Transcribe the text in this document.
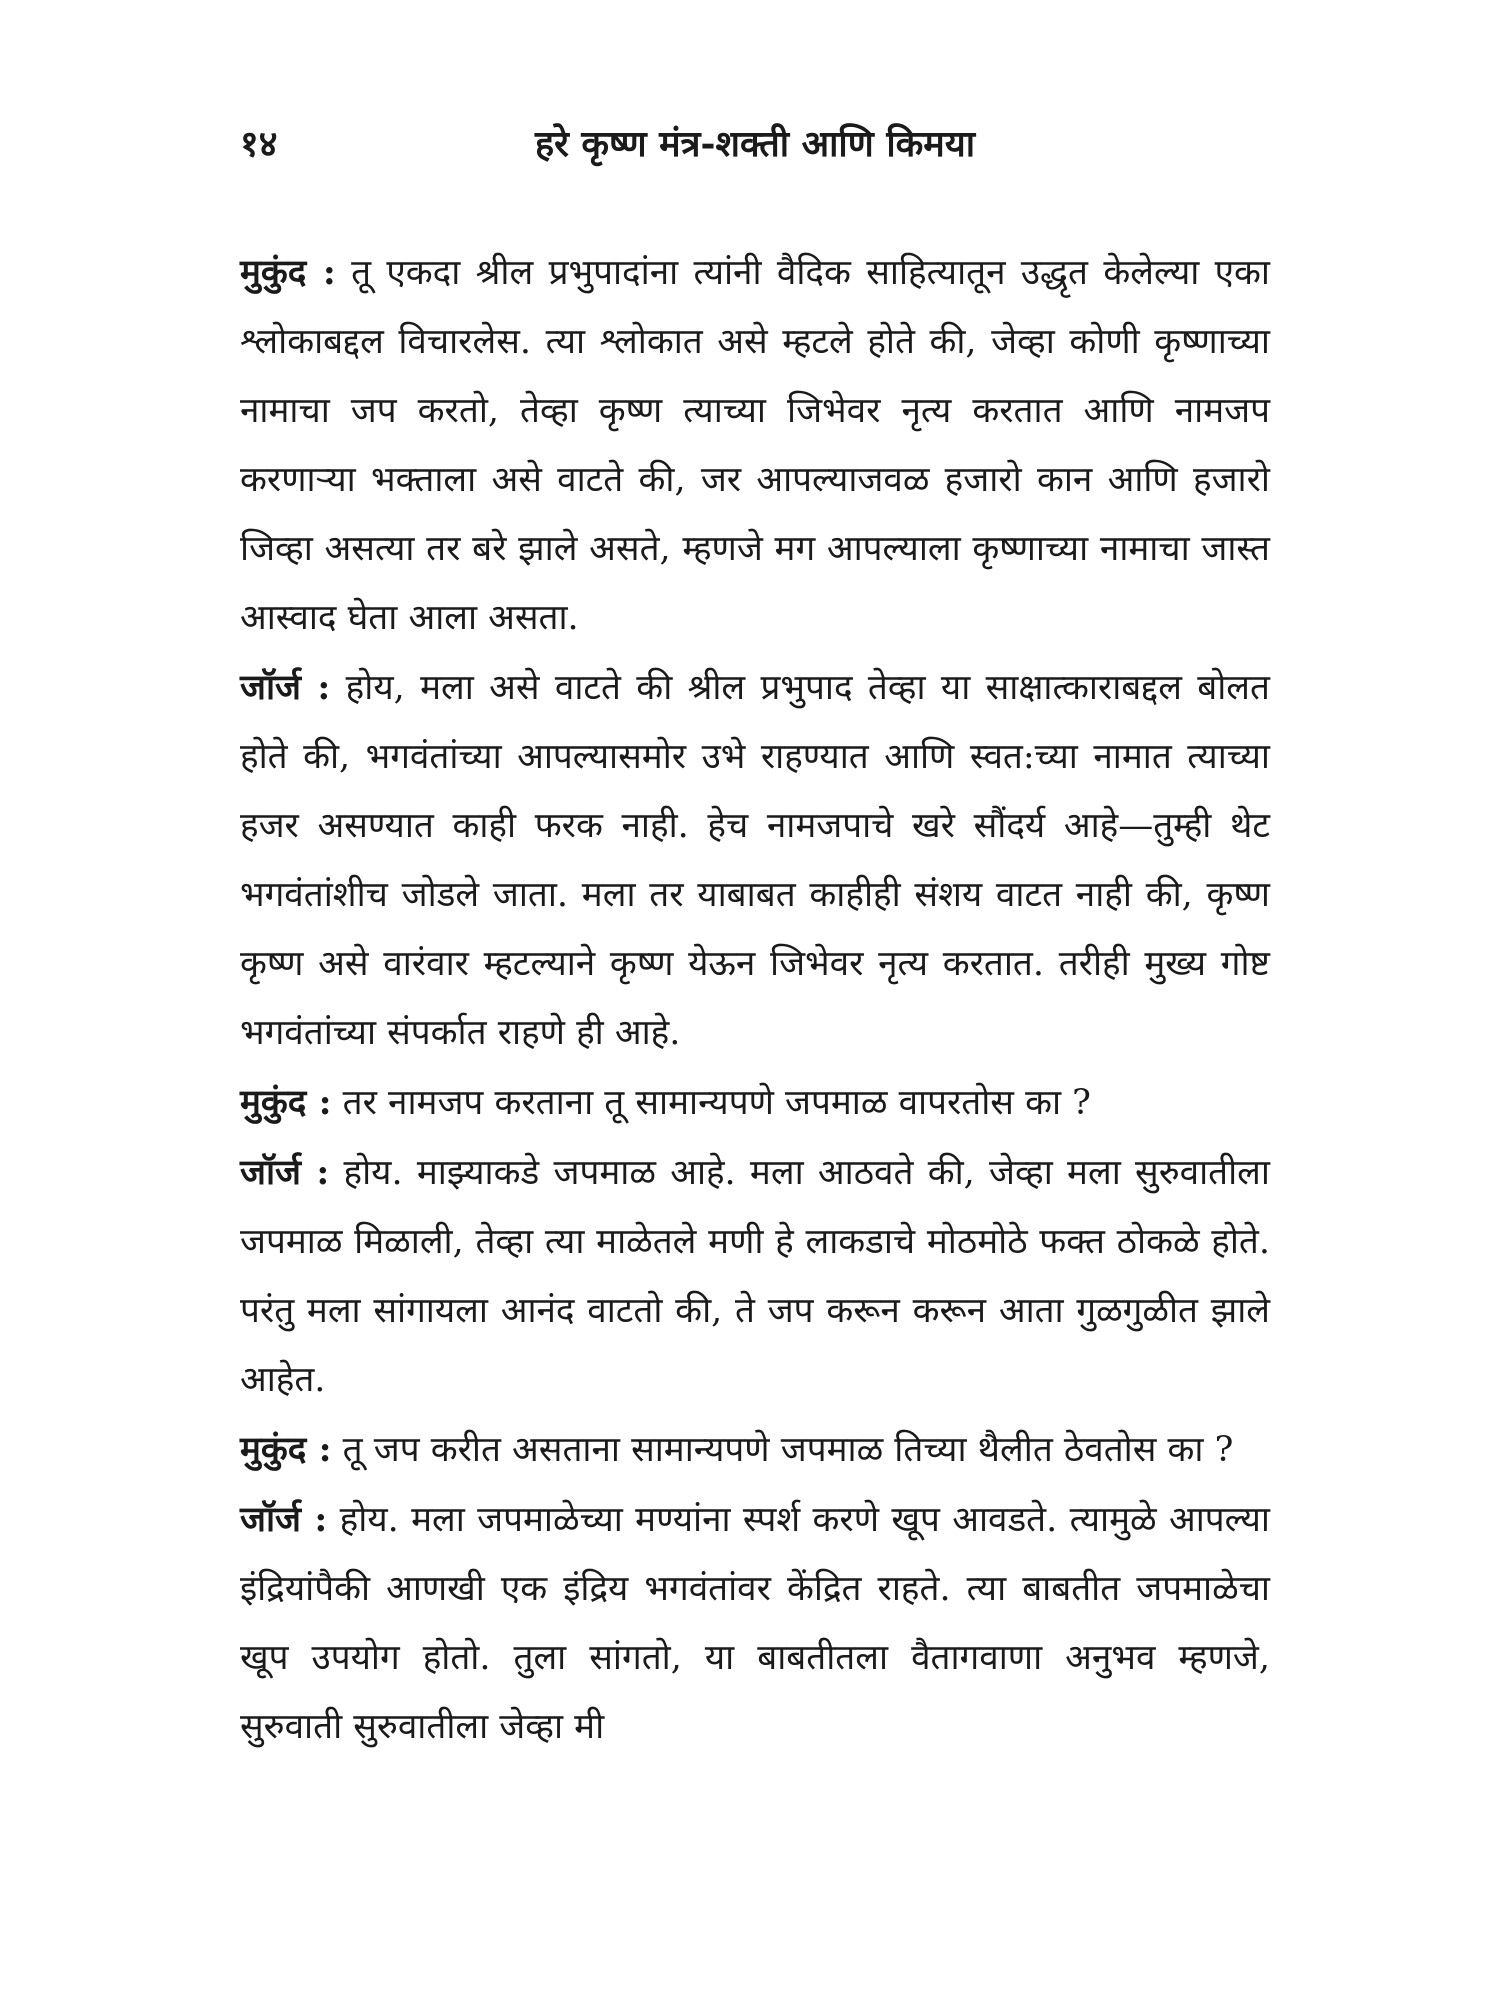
१४	हरे कृष्ण मंत्र-शक्ती आणि किमया

मुकुंद : तू एकदा श्रील प्रभुपादांना त्यांनी वैदिक साहित्यातून उद्धृत केलेल्या एका श्लोकाबद्दल विचारलेस. त्या श्लोकात असे म्हटले होते की, जेव्हा कोणी कृष्णाच्या नामाचा जप करतो, तेव्हा कृष्ण त्याच्या जिभेवर नृत्य करतात आणि नामजप करणाऱ्या भक्ताला असे वाटते की, जर आपल्याजवळ हजारो कान आणि हजारो जिव्हा असत्या तर बरे झाले असते, म्हणजे मग आपल्याला कृष्णाच्या नामाचा जास्त आस्वाद घेता आला असता.

जॉर्ज : होय, मला असे वाटते की श्रील प्रभुपाद तेव्हा या साक्षात्काराबद्दल बोलत होते की, भगवंतांच्या आपल्यासमोर उभे राहण्यात आणि स्वत:च्या नामात त्याच्या हजर असण्यात काही फरक नाही. हेच नामजपाचे खरे सौंदर्य आहे—तुम्ही थेट भगवंतांशीच जोडले जाता. मला तर याबाबत काहीही संशय वाटत नाही की, कृष्ण कृष्ण असे वारंवार म्हटल्याने कृष्ण येऊन जिभेवर नृत्य करतात. तरीही मुख्य गोष्ट भगवंतांच्या संपर्कात राहणे ही आहे.

मुकुंद : तर नामजप करताना तू सामान्यपणे जपमाळ वापरतोस का ?

जॉर्ज : होय. माझ्याकडे जपमाळ आहे. मला आठवते की, जेव्हा मला सुरुवातीला जपमाळ मिळाली, तेव्हा त्या माळेतले मणी हे लाकडाचे मोठमोठे फक्त ठोकळे होते. परंतु मला सांगायला आनंद वाटतो की, ते जप करून करून आता गुळगुळीत झाले आहेत.

मुकुंद : तू जप करीत असताना सामान्यपणे जपमाळ तिच्या थैलीत ठेवतोस का ?

जॉर्ज : होय. मला जपमाळेच्या मण्यांना स्पर्श करणे खूप आवडते. त्यामुळे आपल्या इंद्रियांपैकी आणखी एक इंद्रिय भगवंतांवर केंद्रित राहते. त्या बाबतीत जपमाळेचा खूप उपयोग होतो. तुला सांगतो, या बाबतीतला वैतागवाणा अनुभव म्हणजे, सुरुवाती सुरुवातीला जेव्हा मी
